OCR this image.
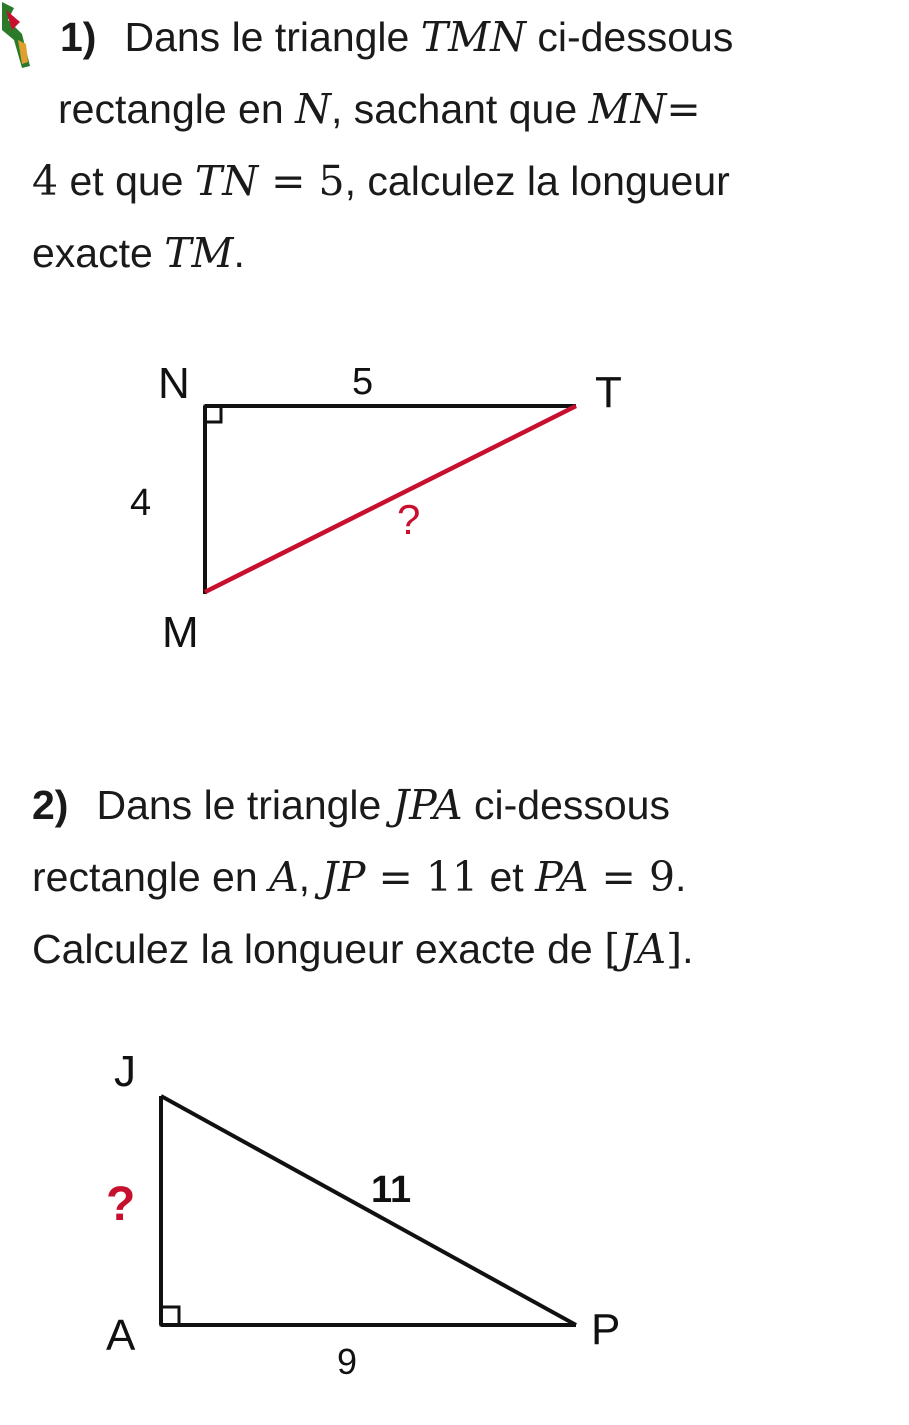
1) Dans le triangle TMN ci-dessous
rectangle en N, sachant que MN=
4 et que TN = 5, calculez la longueur
exacte TM.
N	T
M
5
4	?
2) Dans le triangle JPA ci-dessous
rectangle en A, JP = 11 et PA = 9.
Calculez la longueur exacte de [JA].
J
A	P
11
9
?
